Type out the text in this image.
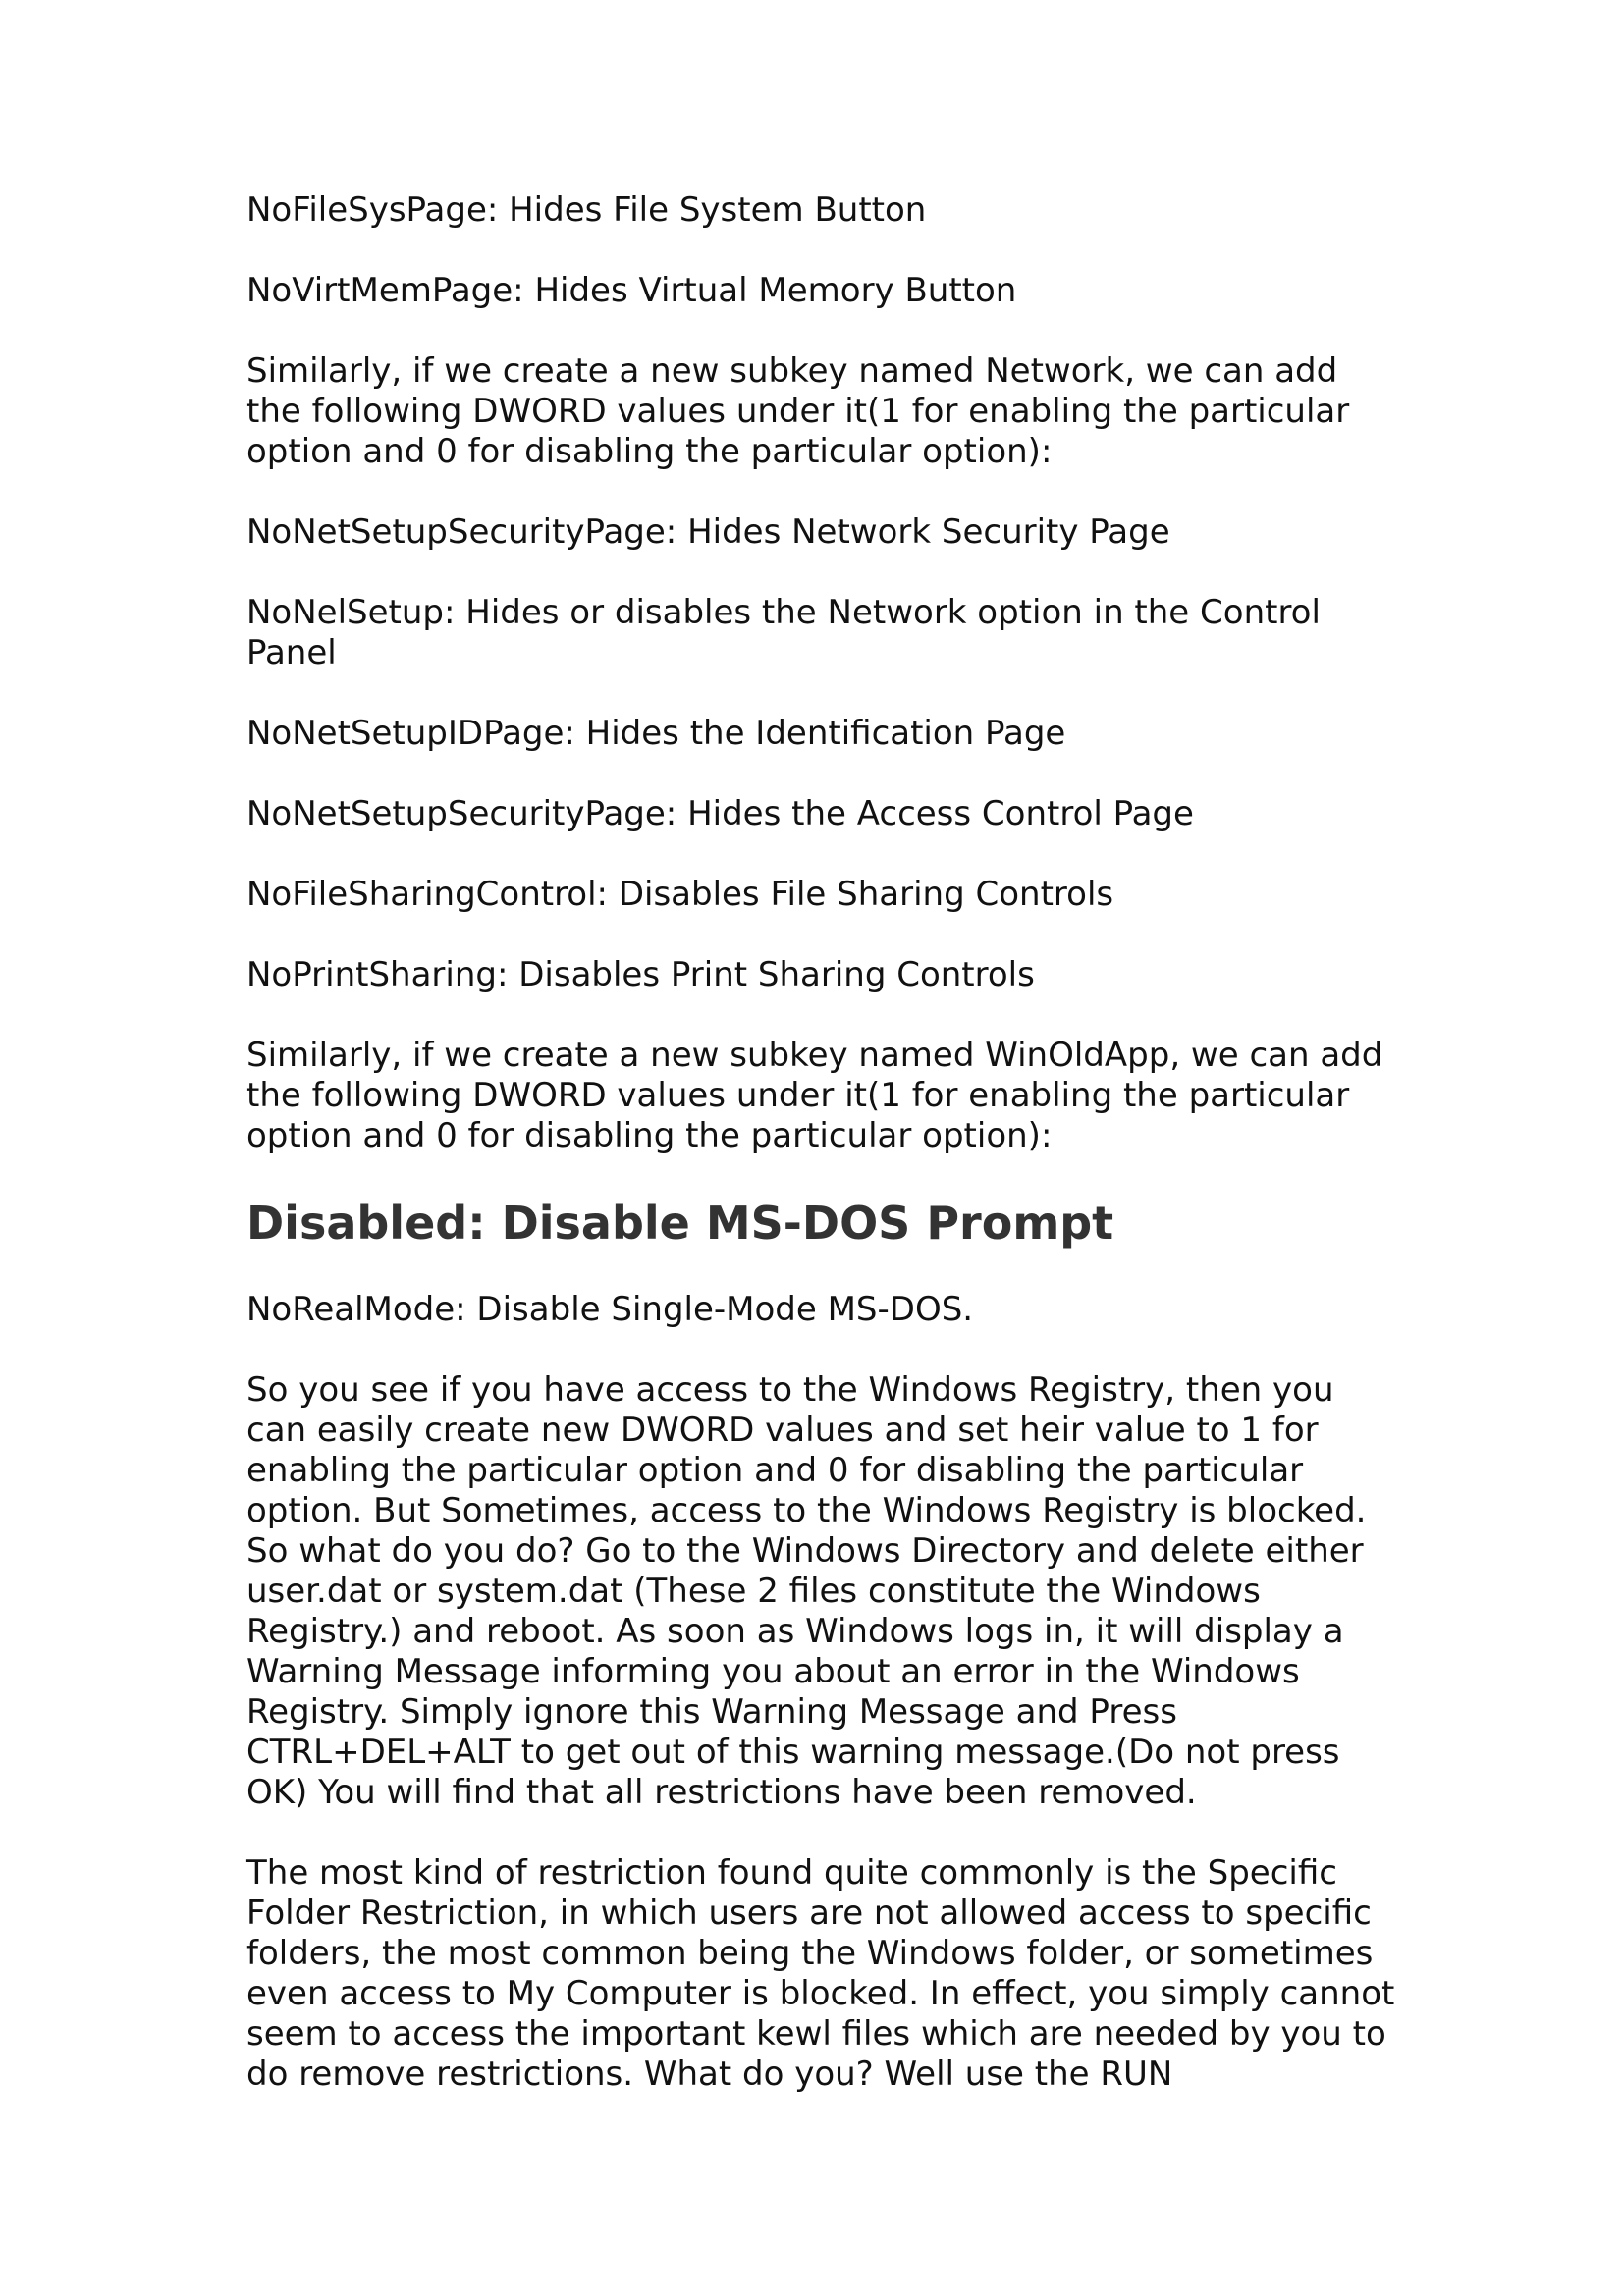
NoFileSysPage: Hides File System Button

NoVirtMemPage: Hides Virtual Memory Button

Similarly, if we create a new subkey named Network, we can add the following DWORD values under it(1 for enabling the particular option and 0 for disabling the particular option):

NoNetSetupSecurityPage: Hides Network Security Page

NoNelSetup: Hides or disables the Network option in the Control Panel

NoNetSetupIDPage: Hides the Identification Page

NoNetSetupSecurityPage: Hides the Access Control Page

NoFileSharingControl: Disables File Sharing Controls

NoPrintSharing: Disables Print Sharing Controls

Similarly, if we create a new subkey named WinOldApp, we can add the following DWORD values under it(1 for enabling the particular option and 0 for disabling the particular option):

Disabled: Disable MS-DOS Prompt

NoRealMode: Disable Single-Mode MS-DOS.

So you see if you have access to the Windows Registry, then you can easily create new DWORD values and set heir value to 1 for enabling the particular option and 0 for disabling the particular option. But Sometimes, access to the Windows Registry is blocked. So what do you do? Go to the Windows Directory and delete either user.dat or system.dat (These 2 files constitute the Windows Registry.) and reboot. As soon as Windows logs in, it will display a Warning Message informing you about an error in the Windows Registry. Simply ignore this Warning Message and Press CTRL+DEL+ALT to get out of this warning message.(Do not press OK) You will find that all restrictions have been removed.

The most kind of restriction found quite commonly is the Specific Folder Restriction, in which users are not allowed access to specific folders, the most common being the Windows folder, or sometimes even access to My Computer is blocked. In effect, you simply cannot seem to access the important kewl files which are needed by you to do remove restrictions. What do you? Well use the RUN
